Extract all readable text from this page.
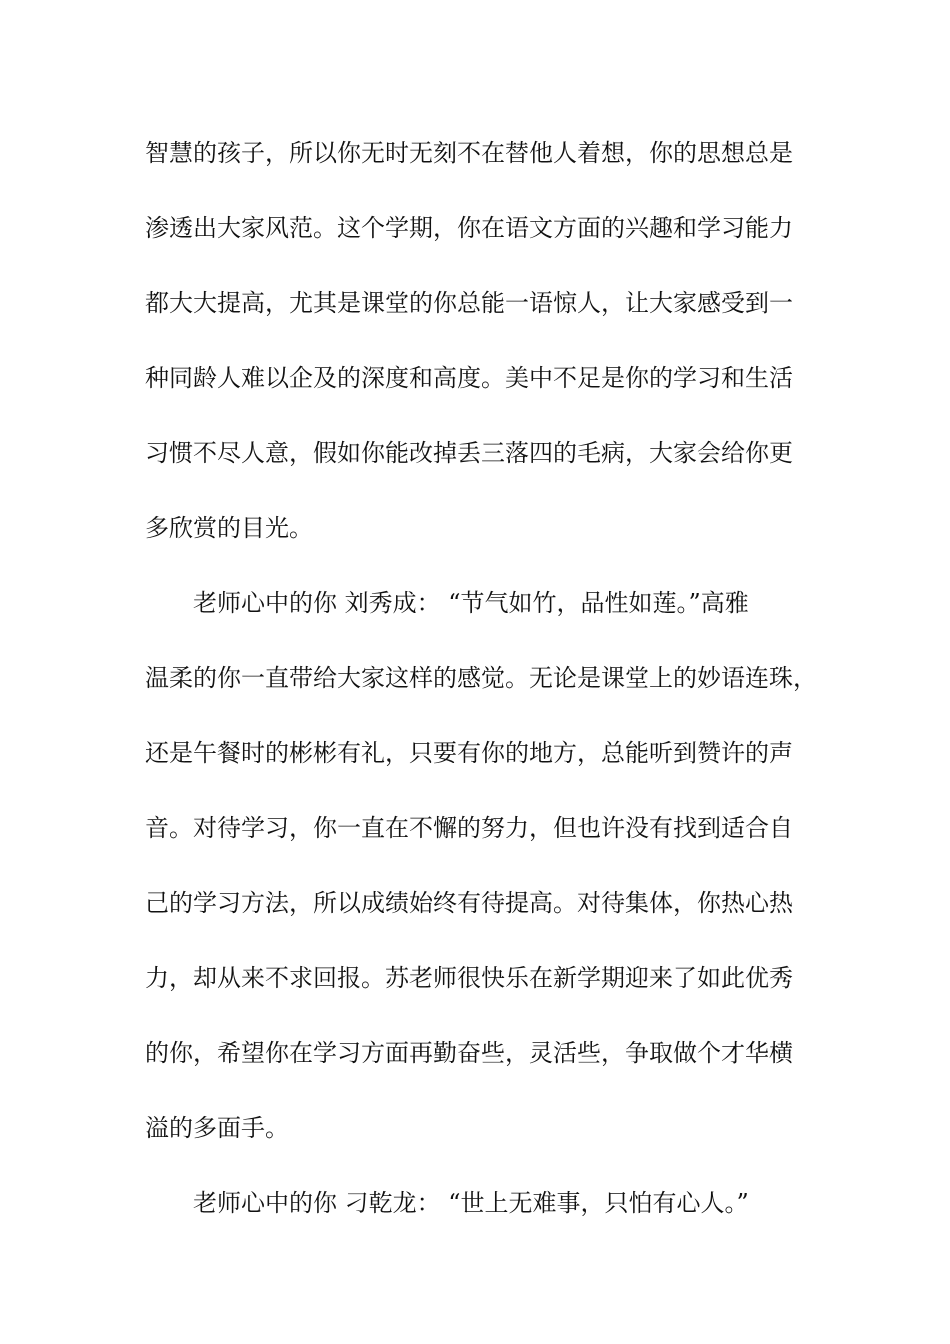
智慧的孩子，所以你无时无刻不在替他人着想，你的思想总是
渗透出大家风范。这个学期，你在语文方面的兴趣和学习能力
都大大提高，尤其是课堂的你总能一语惊人，让大家感受到一
种同龄人难以企及的深度和高度。美中不足是你的学习和生活
习惯不尽人意，假如你能改掉丢三落四的毛病，大家会给你更
多欣赏的目光。
老师心中的你 刘秀成： “节气如竹，品性如莲。”高雅
温柔的你一直带给大家这样的感觉。无论是课堂上的妙语连珠，
还是午餐时的彬彬有礼，只要有你的地方，总能听到赞许的声
音。对待学习，你一直在不懈的努力，但也许没有找到适合自
己的学习方法，所以成绩始终有待提高。对待集体，你热心热
力，却从来不求回报。苏老师很快乐在新学期迎来了如此优秀
的你，希望你在学习方面再勤奋些，灵活些，争取做个才华横
溢的多面手。
老师心中的你 刁乾龙： “世上无难事，只怕有心人。”
